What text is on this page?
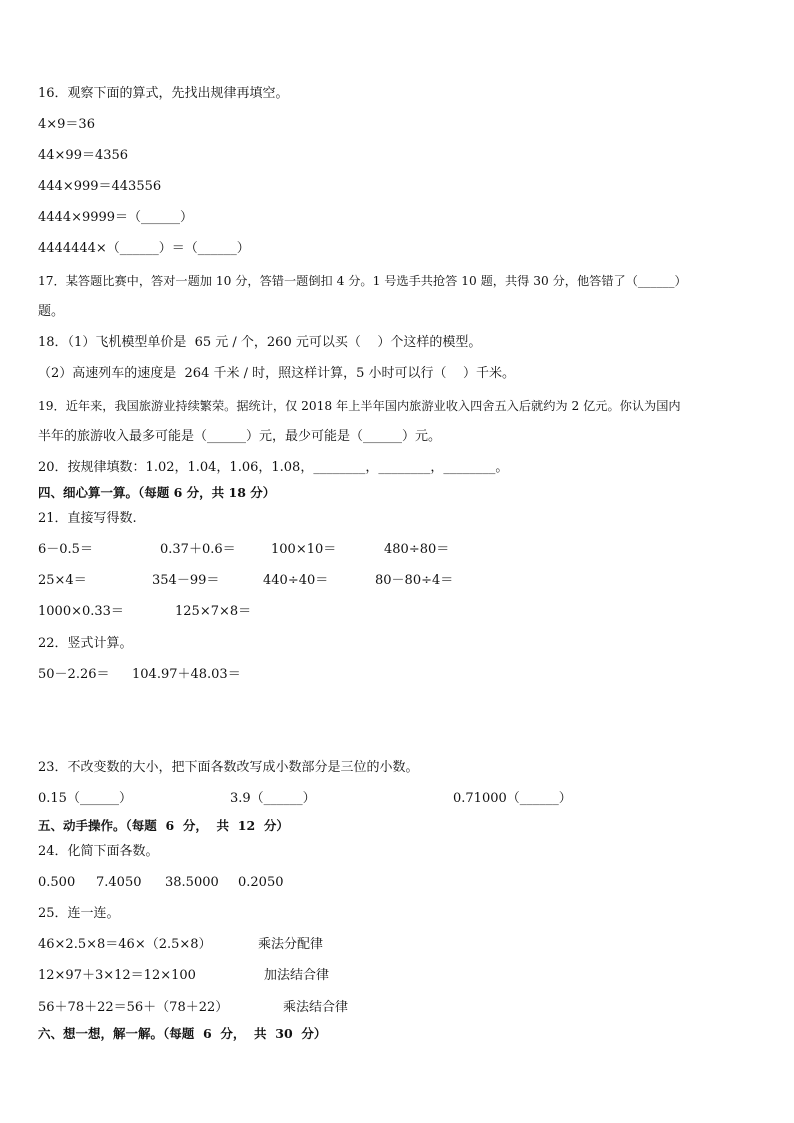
16．观察下面的算式，先找出规律再填空。
4×9＝36
44×99＝4356
444×999＝443556
4444×9999＝（______）
4444444×（______）＝（______）
17．某答题比赛中，答对一题加 10 分，答错一题倒扣 4 分。1 号选手共抢答 10 题，共得 30 分，他答错了（______）
题。
18．（1）飞机模型单价是  65 元 / 个，260 元可以买（    ）个这样的模型。
（2）高速列车的速度是  264 千米 / 时，照这样计算，5 小时可以行（    ）千米。
19．近年来，我国旅游业持续繁荣。据统计，仅 2018 年上半年国内旅游业收入四舍五入后就约为 2 亿元。你认为国内
半年的旅游收入最多可能是（______）元，最少可能是（______）元。
20．按规律填数：1.02，1.04，1.06，1.08，________，________，________。
四、细心算一算。（每题 6 分，共 18 分）
21．直接写得数.
6－0.5＝	0.37＋0.6＝	100×10＝	480÷80＝
25×4＝	354－99＝	440÷40＝	80－80÷4＝
1000×0.33＝	125×7×8＝
22．竖式计算。
50－2.26＝ 104.97＋48.03＝
23．不改变数的大小，把下面各数改写成小数部分是三位的小数。
0.15（______）	3.9（______）	0.71000（______）
五、动手操作。（每题  6  分，  共  12  分）
24．化简下面各数。
0.500 7.4050 38.5000 0.2050
25．连一连。
46×2.5×8＝46×（2.5×8）	乘法分配律
12×97＋3×12＝12×100	加法结合律
56＋78＋22＝56＋（78＋22）	乘法结合律
六、想一想，解一解。（每题  6  分，  共  30  分）
